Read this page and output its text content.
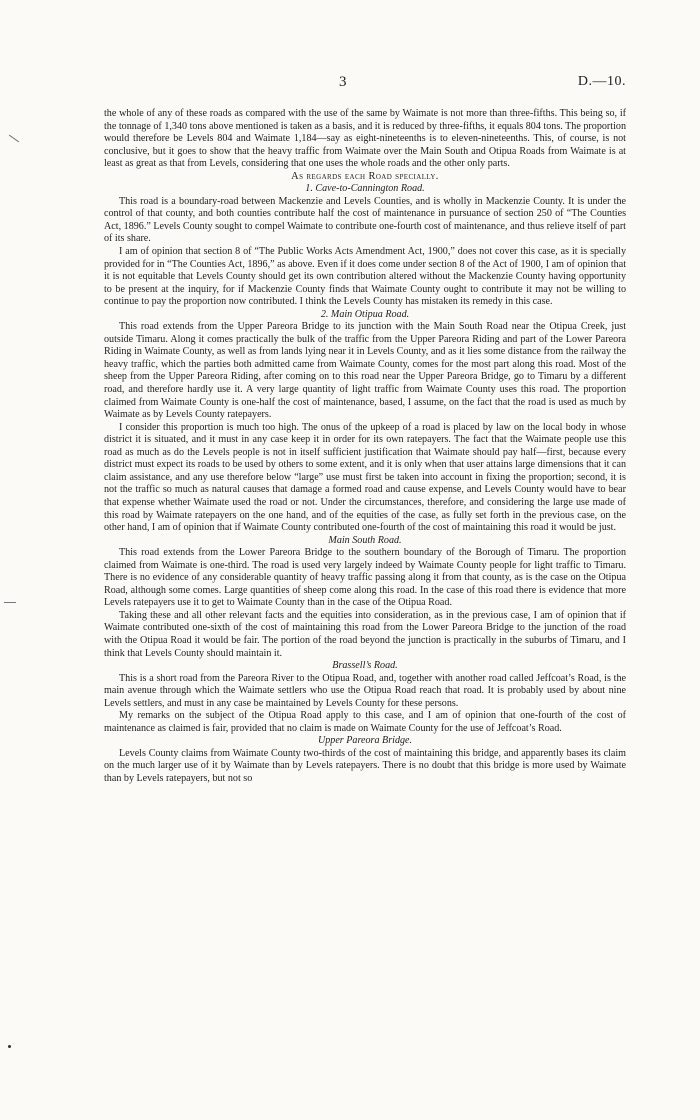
3	D.—10.

the whole of any of these roads as compared with the use of the same by Waimate is not more than three-fifths. This being so, if the tonnage of 1,340 tons above mentioned is taken as a basis, and it is reduced by three-fifths, it equals 804 tons. The proportion would therefore be Levels 804 and Waimate 1,184—say as eight-nineteenths is to eleven-nineteenths. This, of course, is not conclusive, but it goes to show that the heavy traffic from Waimate over the Main South and Otipua Roads from Waimate is at least as great as that from Levels, considering that one uses the whole roads and the other only parts.

As regards each Road specially.
1. Cave-to-Cannington Road.

This road is a boundary-road between Mackenzie and Levels Counties, and is wholly in Mackenzie County. It is under the control of that county, and both counties contribute half the cost of maintenance in pursuance of section 250 of “The Counties Act, 1896.” Levels County sought to compel Waimate to contribute one-fourth cost of maintenance, and thus relieve itself of part of its share.

I am of opinion that section 8 of “The Public Works Acts Amendment Act, 1900,” does not cover this case, as it is specially provided for in “The Counties Act, 1896,” as above. Even if it does come under section 8 of the Act of 1900, I am of opinion that it is not equitable that Levels County should get its own contribution altered without the Mackenzie County having opportunity to be present at the inquiry, for if Mackenzie County finds that Waimate County ought to contribute it may not be willing to continue to pay the proportion now contributed. I think the Levels County has mistaken its remedy in this case.

2. Main Otipua Road.

This road extends from the Upper Pareora Bridge to its junction with the Main South Road near the Otipua Creek, just outside Timaru. Along it comes practically the bulk of the traffic from the Upper Pareora Riding and part of the Lower Pareora Riding in Waimate County, as well as from lands lying near it in Levels County, and as it lies some distance from the railway the heavy traffic, which the parties both admitted came from Waimate County, comes for the most part along this road. Most of the sheep from the Upper Pareora Riding, after coming on to this road near the Upper Pareora Bridge, go to Timaru by a different road, and therefore hardly use it. A very large quantity of light traffic from Waimate County uses this road. The proportion claimed from Waimate County is one-half the cost of maintenance, based, I assume, on the fact that the road is used as much by Waimate as by Levels County ratepayers.

I consider this proportion is much too high. The onus of the upkeep of a road is placed by law on the local body in whose district it is situated, and it must in any case keep it in order for its own ratepayers. The fact that the Waimate people use this road as much as do the Levels people is not in itself sufficient justification that Waimate should pay half—first, because every district must expect its roads to be used by others to some extent, and it is only when that user attains large dimensions that it can claim assistance, and any use therefore below “large” use must first be taken into account in fixing the proportion; second, it is not the traffic so much as natural causes that damage a formed road and cause expense, and Levels County would have to bear that expense whether Waimate used the road or not. Under the circumstances, therefore, and considering the large use made of this road by Waimate ratepayers on the one hand, and of the equities of the case, as fully set forth in the previous case, on the other hand, I am of opinion that if Waimate County contributed one-fourth of the cost of maintaining this road it would be just.

Main South Road.

This road extends from the Lower Pareora Bridge to the southern boundary of the Borough of Timaru. The proportion claimed from Waimate is one-third. The road is used very largely indeed by Waimate County people for light traffic to Timaru. There is no evidence of any considerable quantity of heavy traffic passing along it from that county, as is the case on the Otipua Road, although some comes. Large quantities of sheep come along this road. In the case of this road there is evidence that more Levels ratepayers use it to get to Waimate County than in the case of the Otipua Road.

Taking these and all other relevant facts and the equities into consideration, as in the previous case, I am of opinion that if Waimate contributed one-sixth of the cost of maintaining this road from the Lower Pareora Bridge to the junction of the road with the Otipua Road it would be fair. The portion of the road beyond the junction is practically in the suburbs of Timaru, and I think that Levels County should maintain it.

Brassell’s Road.

This is a short road from the Pareora River to the Otipua Road, and, together with another road called Jeffcoat’s Road, is the main avenue through which the Waimate settlers who use the Otipua Road reach that road. It is probably used by about nine Levels settlers, and must in any case be maintained by Levels County for these persons.

My remarks on the subject of the Otipua Road apply to this case, and I am of opinion that one-fourth of the cost of maintenance as claimed is fair, provided that no claim is made on Waimate County for the use of Jeffcoat’s Road.

Upper Pareora Bridge.

Levels County claims from Waimate County two-thirds of the cost of maintaining this bridge, and apparently bases its claim on the much larger use of it by Waimate than by Levels ratepayers. There is no doubt that this bridge is more used by Waimate than by Levels ratepayers, but not so
